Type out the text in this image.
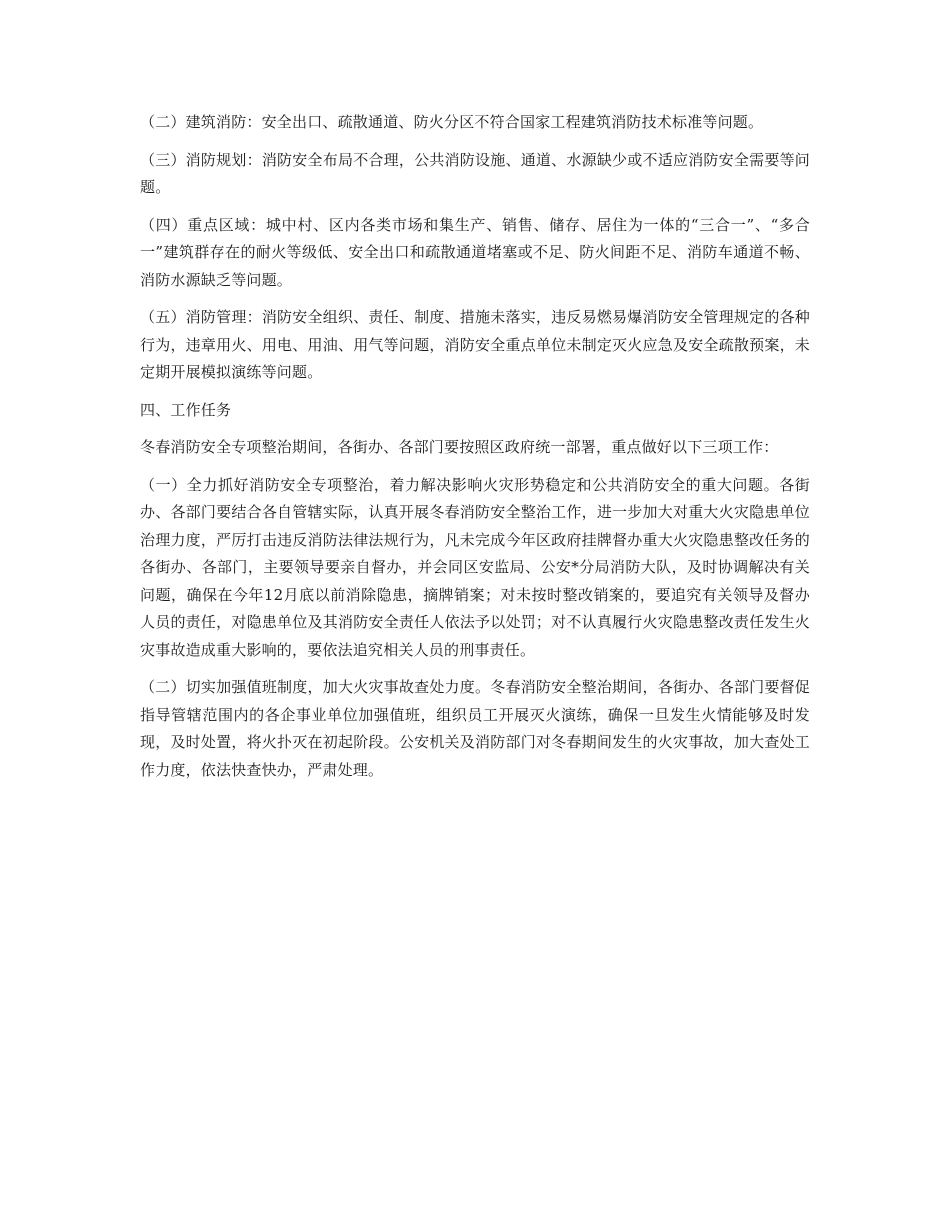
（二）建筑消防：安全出口、疏散通道、防火分区不符合国家工程建筑消防技术标准等问题。

（三）消防规划：消防安全布局不合理，公共消防设施、通道、水源缺少或不适应消防安全需要等问题。

（四）重点区域：城中村、区内各类市场和集生产、销售、储存、居住为一体的“三合一”、“多合一”建筑群存在的耐火等级低、安全出口和疏散通道堵塞或不足、防火间距不足、消防车通道不畅、消防水源缺乏等问题。

（五）消防管理：消防安全组织、责任、制度、措施未落实，违反易燃易爆消防安全管理规定的各种行为，违章用火、用电、用油、用气等问题，消防安全重点单位未制定灭火应急及安全疏散预案，未定期开展模拟演练等问题。

四、工作任务

冬春消防安全专项整治期间，各街办、各部门要按照区政府统一部署，重点做好以下三项工作：

（一）全力抓好消防安全专项整治，着力解决影响火灾形势稳定和公共消防安全的重大问题。各街办、各部门要结合各自管辖实际，认真开展冬春消防安全整治工作，进一步加大对重大火灾隐患单位治理力度，严厉打击违反消防法律法规行为，凡未完成今年区政府挂牌督办重大火灾隐患整改任务的各街办、各部门，主要领导要亲自督办，并会同区安监局、公安*分局消防大队，及时协调解决有关问题，确保在今年12月底以前消除隐患，摘牌销案；对未按时整改销案的，要追究有关领导及督办人员的责任，对隐患单位及其消防安全责任人依法予以处罚；对不认真履行火灾隐患整改责任发生火灾事故造成重大影响的，要依法追究相关人员的刑事责任。

（二）切实加强值班制度，加大火灾事故查处力度。冬春消防安全整治期间，各街办、各部门要督促指导管辖范围内的各企事业单位加强值班，组织员工开展灭火演练，确保一旦发生火情能够及时发现，及时处置，将火扑灭在初起阶段。公安机关及消防部门对冬春期间发生的火灾事故，加大查处工作力度，依法快查快办，严肃处理。
